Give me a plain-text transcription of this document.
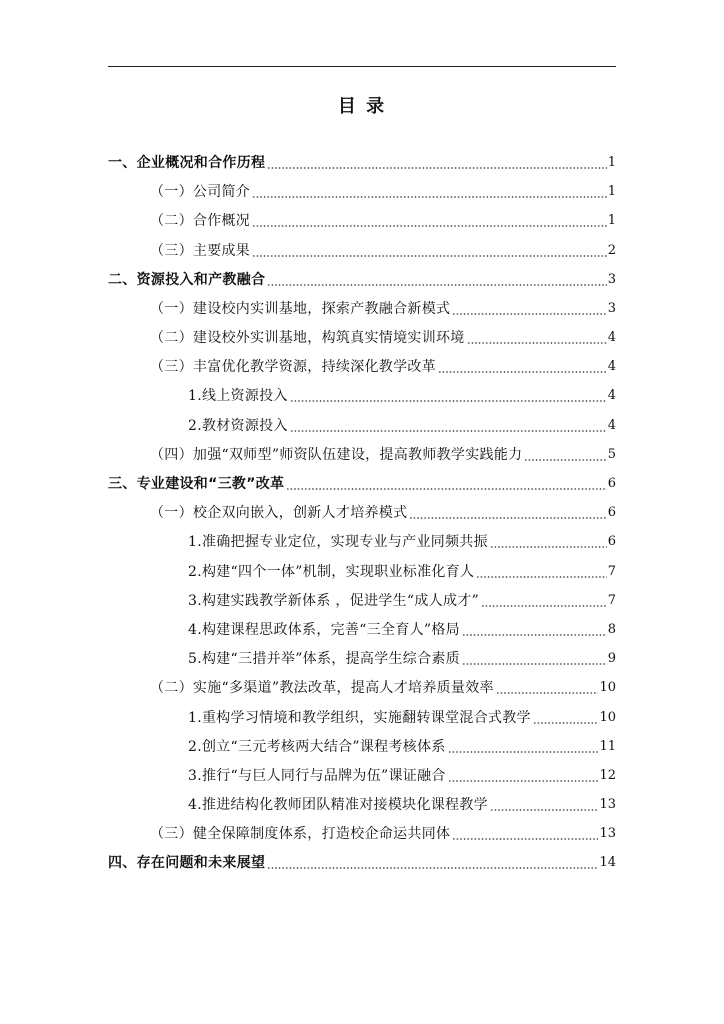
目 录
一、企业概况和合作历程	1
（一）公司简介	1
（二）合作概况	1
（三）主要成果	2
二、资源投入和产教融合	3
（一）建设校内实训基地，探索产教融合新模式	3
（二）建设校外实训基地，构筑真实情境实训环境	4
（三）丰富优化教学资源，持续深化教学改革	4
1.线上资源投入	4
2.教材资源投入	4
（四）加强“双师型”师资队伍建设，提高教师教学实践能力	5
三、专业建设和“三教”改革	6
（一）校企双向嵌入，创新人才培养模式	6
1.准确把握专业定位，实现专业与产业同频共振	6
2.构建“四个一体”机制，实现职业标准化育人	7
3.构建实践教学新体系 ，促进学生“成人成才”	7
4.构建课程思政体系，完善“三全育人”格局	8
5.构建“三措并举”体系，提高学生综合素质	9
（二）实施“多渠道”教法改革，提高人才培养质量效率	10
1.重构学习情境和教学组织，实施翻转课堂混合式教学	10
2.创立“三元考核两大结合”课程考核体系	11
3.推行“与巨人同行与品牌为伍”课证融合	12
4.推进结构化教师团队精准对接模块化课程教学	13
（三）健全保障制度体系，打造校企命运共同体	13
四、存在问题和未来展望	14
